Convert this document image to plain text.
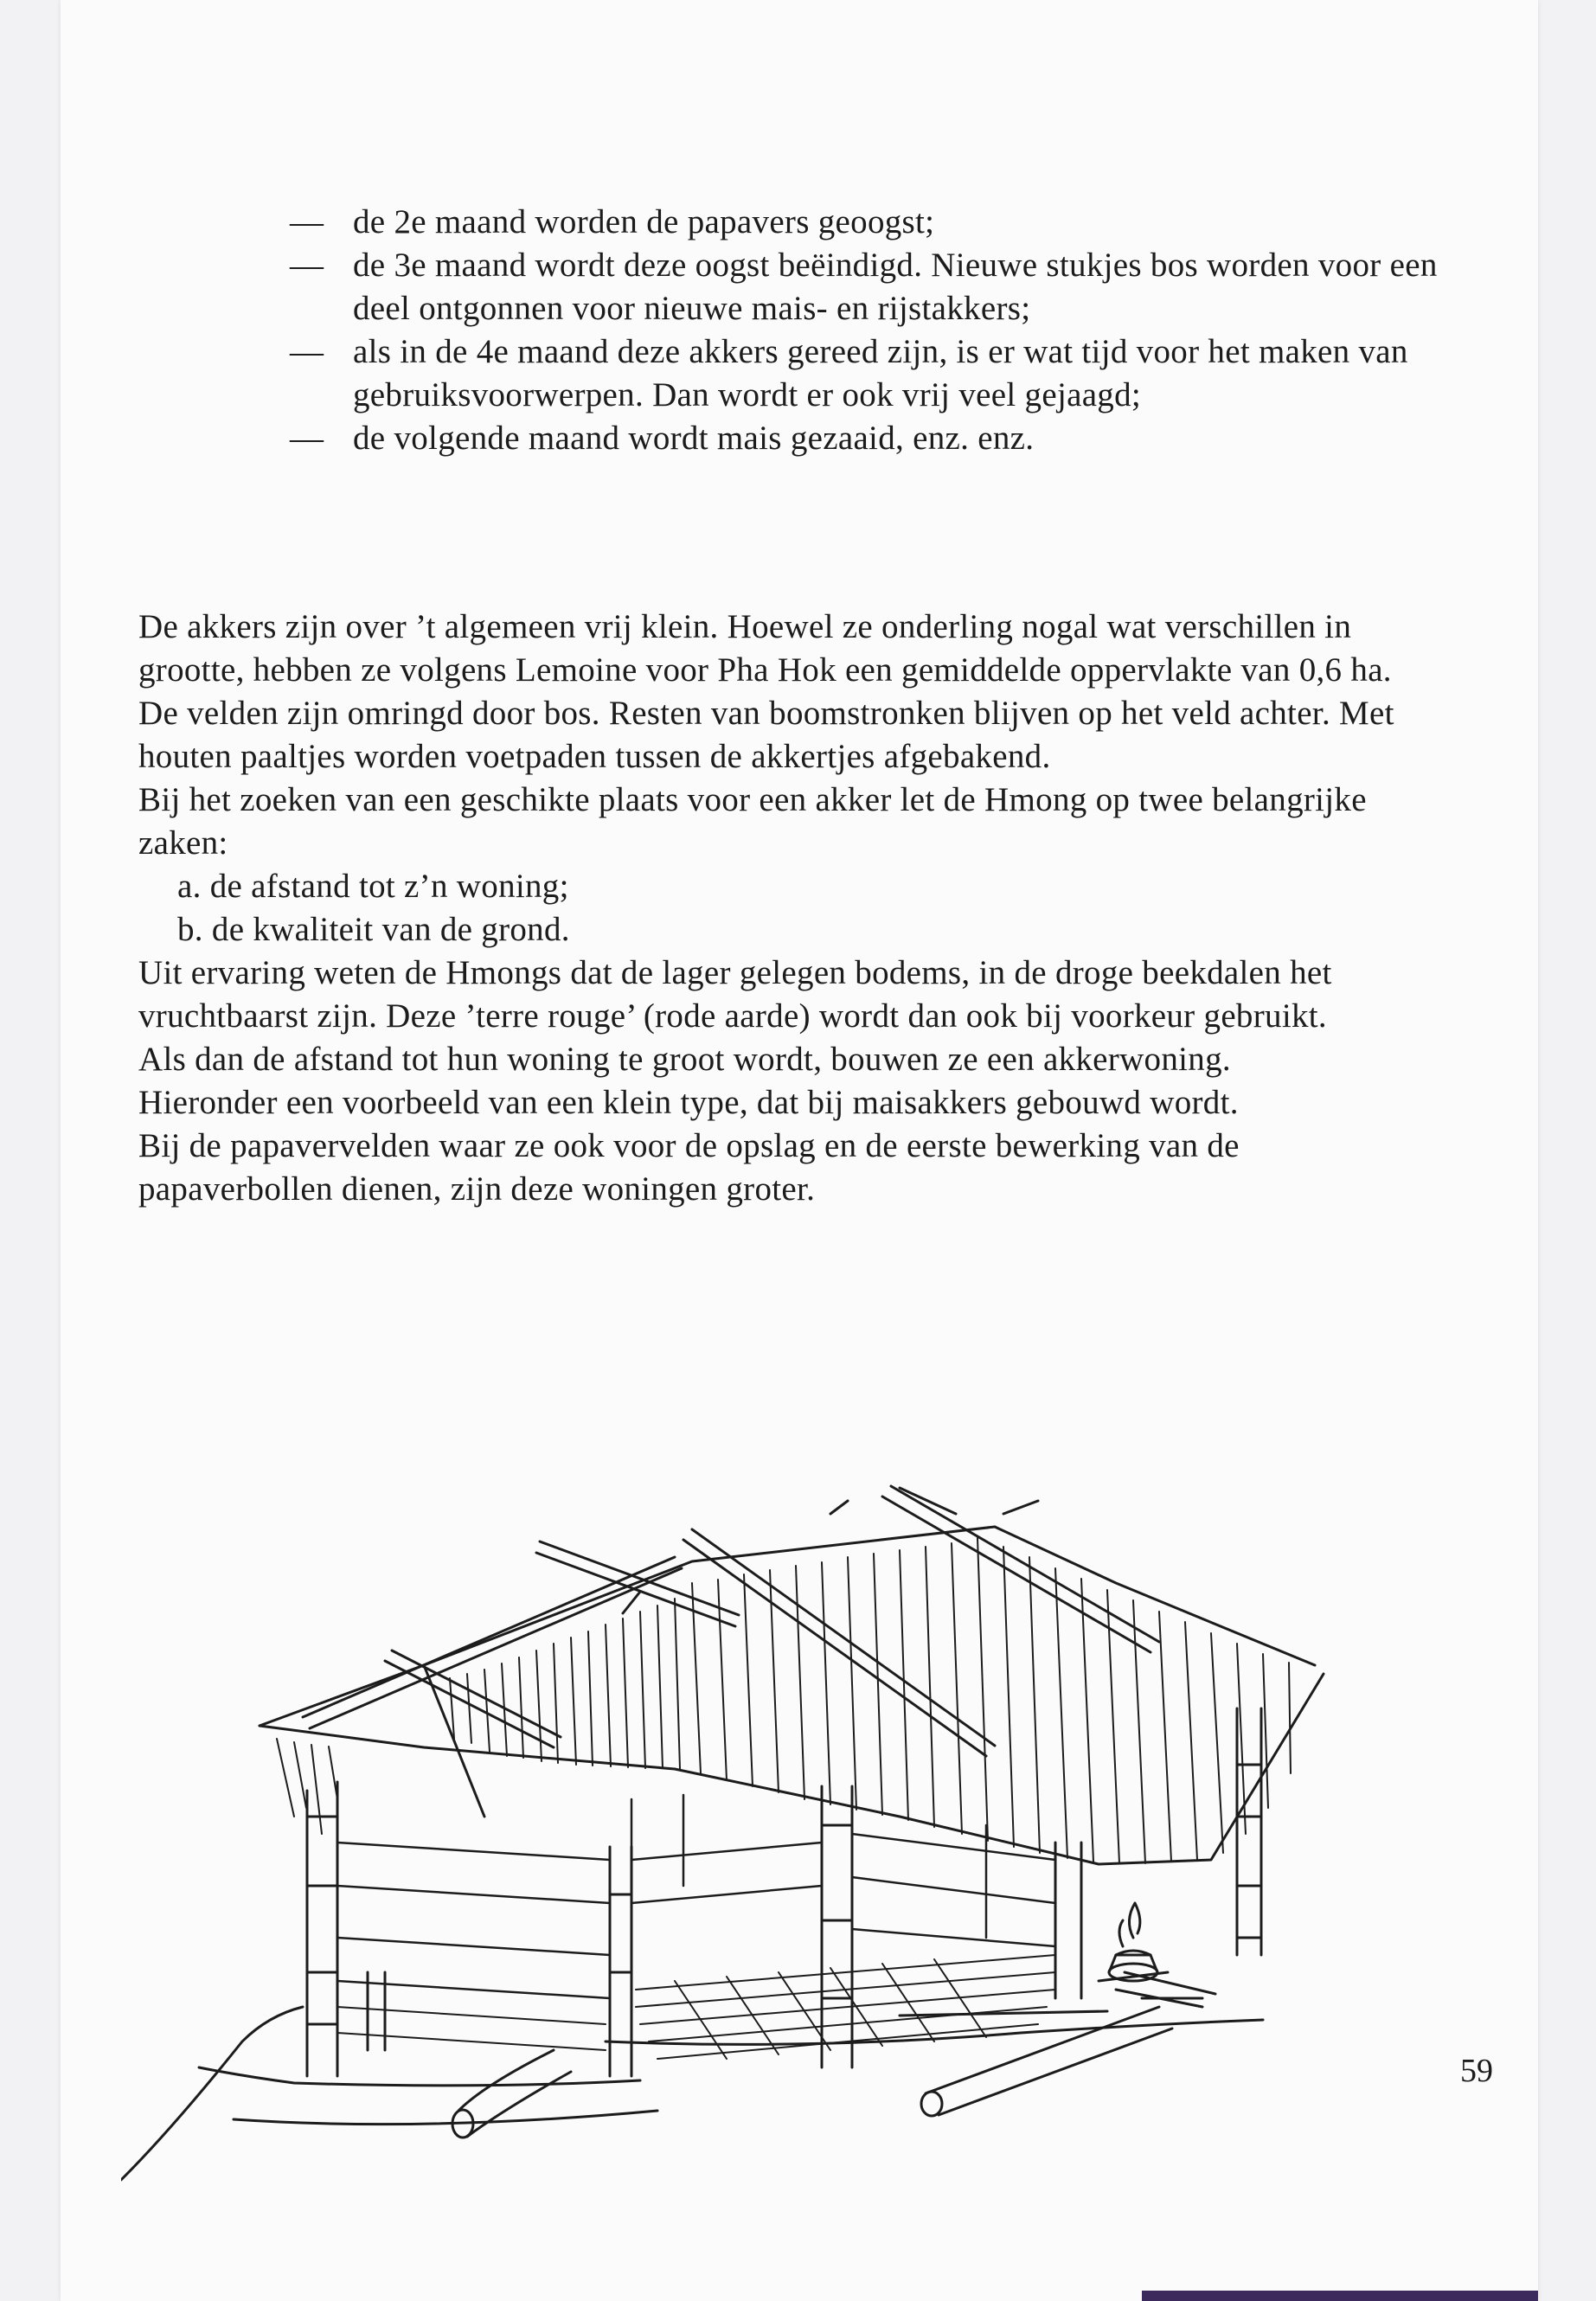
— de 2e maand worden de papavers geoogst;
— de 3e maand wordt deze oogst beëindigd. Nieuwe stukjes bos worden voor een deel ontgonnen voor nieuwe mais- en rijstakkers;
— als in de 4e maand deze akkers gereed zijn, is er wat tijd voor het maken van gebruiksvoorwerpen. Dan wordt er ook vrij veel gejaagd;
— de volgende maand wordt mais gezaaid, enz. enz.

De akkers zijn over ’t algemeen vrij klein. Hoewel ze onderling nogal wat verschillen in grootte, hebben ze volgens Lemoine voor Pha Hok een gemiddelde oppervlakte van 0,6 ha.

De velden zijn omringd door bos. Resten van boomstronken blijven op het veld achter. Met houten paaltjes worden voetpaden tussen de akkertjes afgebakend.

Bij het zoeken van een geschikte plaats voor een akker let de Hmong op twee belangrijke zaken:

a. de afstand tot z’n woning;

b. de kwaliteit van de grond.

Uit ervaring weten de Hmongs dat de lager gelegen bodems, in de droge beekdalen het vruchtbaarst zijn. Deze ’terre rouge’ (rode aarde) wordt dan ook bij voorkeur gebruikt.

Als dan de afstand tot hun woning te groot wordt, bouwen ze een akkerwoning.

Hieronder een voorbeeld van een klein type, dat bij maisakkers gebouwd wordt.

Bij de papavervelden waar ze ook voor de opslag en de eerste bewerking van de papaverbollen dienen, zijn deze woningen groter.

59
